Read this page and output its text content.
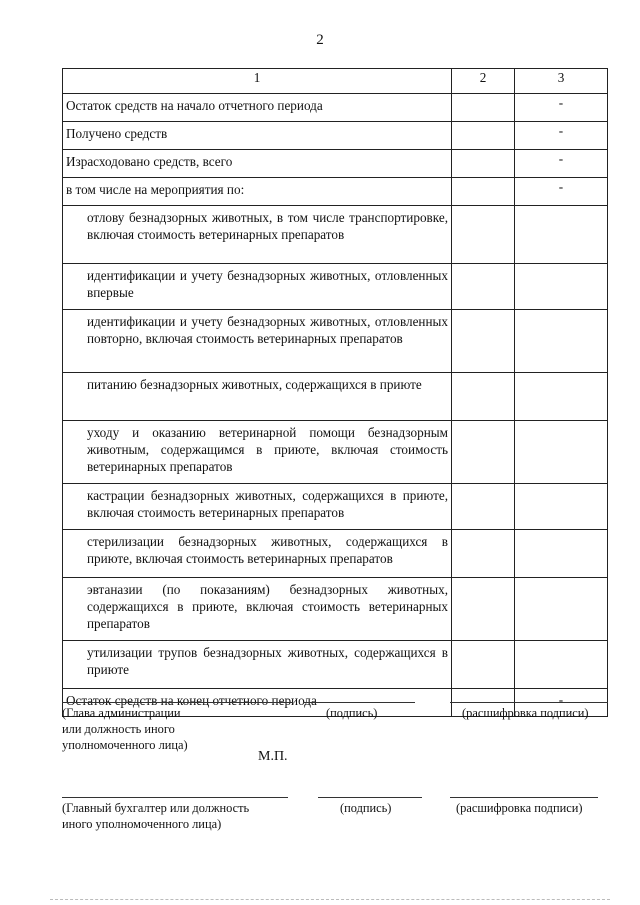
2
1	2	3
Остаток средств на начало отчетного периода		-
Получено средств		-
Израсходовано средств, всего		-
в том числе на мероприятия по:		-
отлову безнадзорных животных, в том числе транспортировке, включая стоимость ветеринарных препаратов		
идентификации и учету безнадзорных животных, отловленных впервые		
идентификации и учету безнадзорных животных, отловленных повторно, включая стоимость ветеринарных препаратов		
питанию безнадзорных животных, содержащихся в приюте		
уходу и оказанию ветеринарной помощи безнадзорным животным, содержащимся в приюте, включая стоимость ветеринарных препаратов		
кастрации безнадзорных животных, содержащихся в приюте, включая стоимость ветеринарных препаратов		
стерилизации безнадзорных животных, содержащихся в приюте, включая стоимость ветеринарных препаратов		
эвтаназии (по показаниям) безнадзорных животных, содержащихся в приюте, включая стоимость ветеринарных препаратов		
утилизации трупов безнадзорных животных, содержащихся в приюте		
Остаток средств на конец отчетного периода		-
(Глава администрации
или должность иного
уполномоченного лица)
(подпись)	(расшифровка подписи)
М.П.
(Главный бухгалтер или должность
иного уполномоченного лица)
(подпись)	(расшифровка подписи)
